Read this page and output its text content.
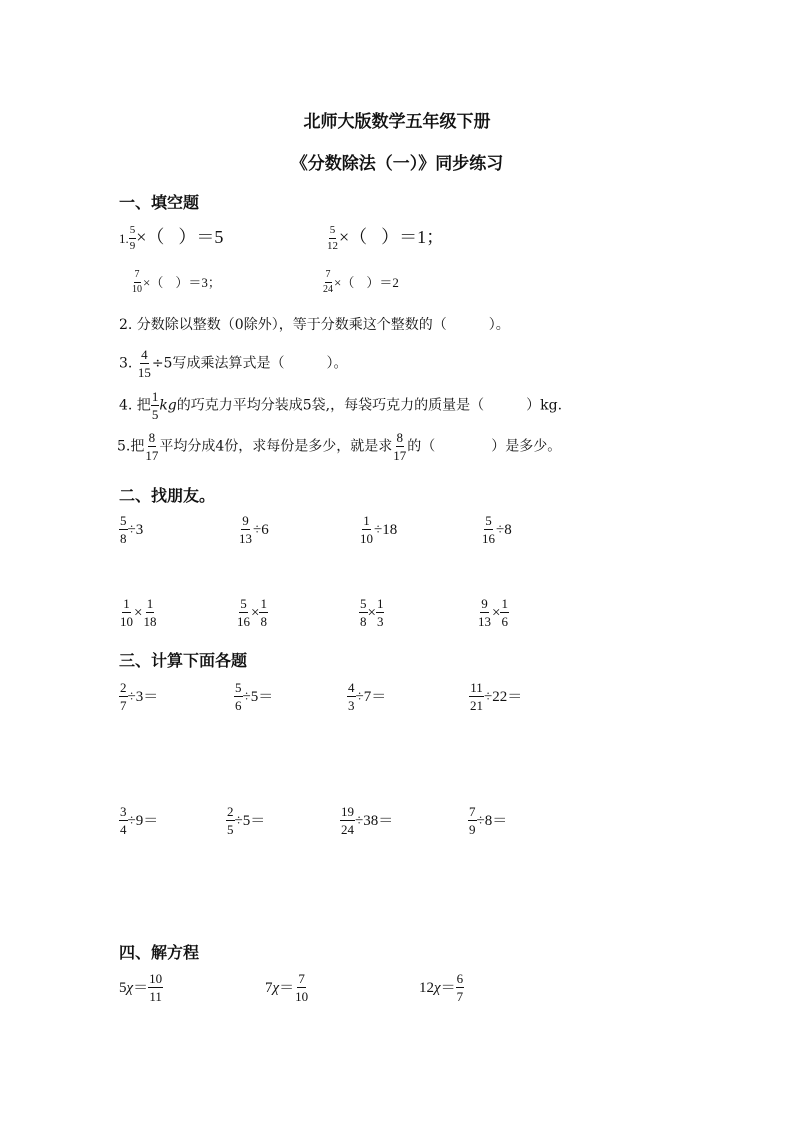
北师大版数学五年级下册
《分数除法（一）》同步练习
一、填空题
1. $\frac{5}{9}$ ×（ ）＝5	$\frac{5}{12}$ ×（ ）＝1；
$\frac{7}{10}$ ×（ ）＝3；	$\frac{7}{24}$ ×（ ）＝2
2. 分数除以整数（0除外），等于分数乘这个整数的（　　　）。
3. $\frac{4}{15} \div 5$写成乘法算式是（　　　）。
4. 把 $\frac{1}{5}$ kg的巧克力平均分装成5袋,，每袋巧克力的质量是（　　　）kg.
5.把 $\frac{8}{17}$ 平均分成4份，求每份是多少，就是求 $\frac{8}{17}$ 的（　　　　）是多少。
二、找朋友。
$\frac{5}{8} \div 3$	$\frac{9}{13} \div 6$	$\frac{1}{10} \div 18$	$\frac{5}{16} \div 8$
$\frac{1}{10} \times \frac{1}{18}$	$\frac{5}{16} \times \frac{1}{8}$	$\frac{5}{8} \times \frac{1}{3}$	$\frac{9}{13} \times \frac{1}{6}$
三、计算下面各题
$\frac{2}{7} \div 3=$	$\frac{5}{6} \div 5=$	$\frac{4}{3} \div 7=$	$\frac{11}{21} \div 22=$
$\frac{3}{4} \div 9=$	$\frac{2}{5} \div 5=$	$\frac{19}{24} \div 38=$	$\frac{7}{9} \div 8=$
四、解方程
$5\chi= \frac{10}{11}$	$7\chi= \frac{7}{10}$	$12\chi= \frac{6}{7}$
